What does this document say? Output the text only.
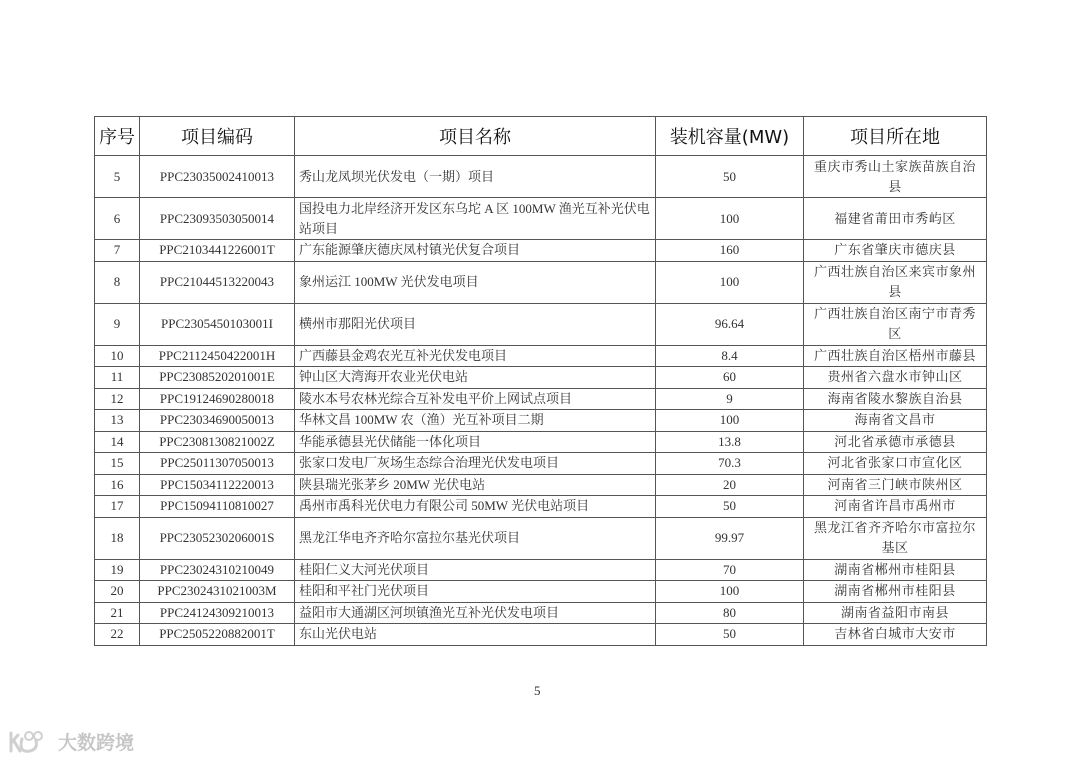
序号	项目编码	项目名称	装机容量(MW)	项目所在地
5	PPC23035002410013	秀山龙凤坝光伏发电（一期）项目	50	重庆市秀山土家族苗族自治县
6	PPC23093503050014	国投电力北岸经济开发区东乌坨 A 区 100MW 渔光互补光伏电站项目	100	福建省莆田市秀屿区
7	PPC2103441226001T	广东能源肇庆德庆凤村镇光伏复合项目	160	广东省肇庆市德庆县
8	PPC21044513220043	象州运江 100MW 光伏发电项目	100	广西壮族自治区来宾市象州县
9	PPC2305450103001I	横州市那阳光伏项目	96.64	广西壮族自治区南宁市青秀区
10	PPC2112450422001H	广西藤县金鸡农光互补光伏发电项目	8.4	广西壮族自治区梧州市藤县
11	PPC2308520201001E	钟山区大湾海开农业光伏电站	60	贵州省六盘水市钟山区
12	PPC19124690280018	陵水本号农林光综合互补发电平价上网试点项目	9	海南省陵水黎族自治县
13	PPC23034690050013	华林文昌 100MW 农（渔）光互补项目二期	100	海南省文昌市
14	PPC2308130821002Z	华能承德县光伏储能一体化项目	13.8	河北省承德市承德县
15	PPC25011307050013	张家口发电厂灰场生态综合治理光伏发电项目	70.3	河北省张家口市宣化区
16	PPC15034112220013	陕县瑞光张茅乡 20MW 光伏电站	20	河南省三门峡市陕州区
17	PPC15094110810027	禹州市禹科光伏电力有限公司 50MW 光伏电站项目	50	河南省许昌市禹州市
18	PPC2305230206001S	黑龙江华电齐齐哈尔富拉尔基光伏项目	99.97	黑龙江省齐齐哈尔市富拉尔基区
19	PPC23024310210049	桂阳仁义大河光伏项目	70	湖南省郴州市桂阳县
20	PPC2302431021003M	桂阳和平社门光伏项目	100	湖南省郴州市桂阳县
21	PPC24124309210013	益阳市大通湖区河坝镇渔光互补光伏发电项目	80	湖南省益阳市南县
22	PPC2505220882001T	东山光伏电站	50	吉林省白城市大安市
5
大数跨境
